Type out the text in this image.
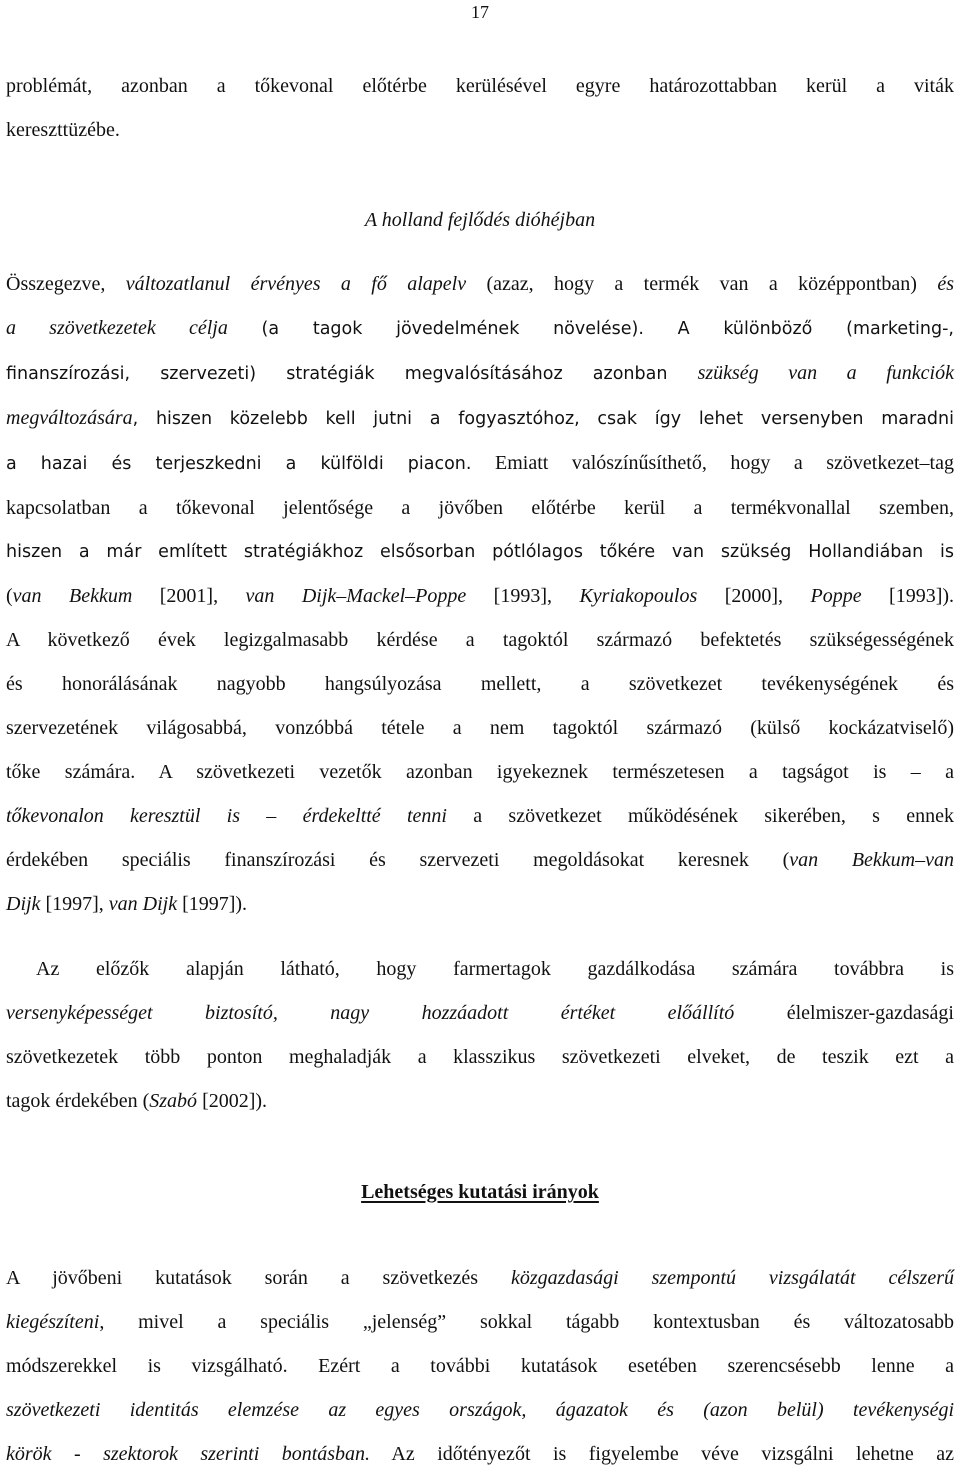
17
problémát, azonban a tőkevonal előtérbe kerülésével egyre határozottabban kerül a viták
kereszttüzébe.
A holland fejlődés dióhéjban
Összegezve, változatlanul érvényes a fő alapelv (azaz, hogy a termék van a középpontban) és
a szövetkezetek célja (a tagok jövedelmének növelése). A különböző (marketing-,
finanszírozási, szervezeti) stratégiák megvalósításához azonban szükség van a funkciók
megváltozására, hiszen közelebb kell jutni a fogyasztóhoz, csak így lehet versenyben maradni
a hazai és terjeszkedni a külföldi piacon. Emiatt valószínűsíthető, hogy a szövetkezet–tag
kapcsolatban a tőkevonal jelentősége a jövőben előtérbe kerül a termékvonallal szemben,
hiszen a már említett stratégiákhoz elsősorban pótlólagos tőkére van szükség Hollandiában is
(van Bekkum [2001], van Dijk–Mackel–Poppe [1993], Kyriakopoulos [2000], Poppe [1993]).
A következő évek legizgalmasabb kérdése a tagoktól származó befektetés szükségességének
és honorálásának nagyobb hangsúlyozása mellett, a szövetkezet tevékenységének és
szervezetének világosabbá, vonzóbbá tétele a nem tagoktól származó (külső kockázatviselő)
tőke számára. A szövetkezeti vezetők azonban igyekeznek természetesen a tagságot is – a
tőkevonalon keresztül is – érdekeltté tenni a szövetkezet működésének sikerében, s ennek
érdekében speciális finanszírozási és szervezeti megoldásokat keresnek (van Bekkum–van
Dijk [1997], van Dijk [1997]).
Az előzők alapján látható, hogy farmertagok gazdálkodása számára továbbra is
versenyképességet biztosító, nagy hozzáadott értéket előállító élelmiszer-gazdasági
szövetkezetek több ponton meghaladják a klasszikus szövetkezeti elveket, de teszik ezt a
tagok érdekében (Szabó [2002]).
Lehetséges kutatási irányok
A jövőbeni kutatások során a szövetkezés közgazdasági szempontú vizsgálatát célszerű
kiegészíteni, mivel a speciális „jelenség” sokkal tágabb kontextusban és változatosabb
módszerekkel is vizsgálható. Ezért a további kutatások esetében szerencsésebb lenne a
szövetkezeti identitás elemzése az egyes országok, ágazatok és (azon belül) tevékenységi
körök - szektorok szerinti bontásban. Az időtényezőt is figyelembe véve vizsgálni lehetne az
